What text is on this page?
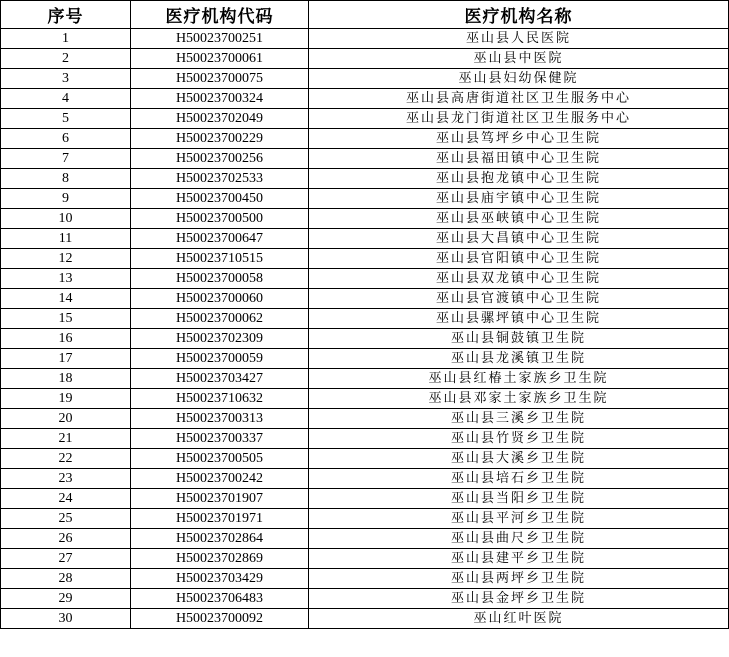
序号	医疗机构代码	医疗机构名称
1	H50023700251	巫山县人民医院
2	H50023700061	巫山县中医院
3	H50023700075	巫山县妇幼保健院
4	H50023700324	巫山县高唐街道社区卫生服务中心
5	H50023702049	巫山县龙门街道社区卫生服务中心
6	H50023700229	巫山县笃坪乡中心卫生院
7	H50023700256	巫山县福田镇中心卫生院
8	H50023702533	巫山县抱龙镇中心卫生院
9	H50023700450	巫山县庙宇镇中心卫生院
10	H50023700500	巫山县巫峡镇中心卫生院
11	H50023700647	巫山县大昌镇中心卫生院
12	H50023710515	巫山县官阳镇中心卫生院
13	H50023700058	巫山县双龙镇中心卫生院
14	H50023700060	巫山县官渡镇中心卫生院
15	H50023700062	巫山县骡坪镇中心卫生院
16	H50023702309	巫山县铜鼓镇卫生院
17	H50023700059	巫山县龙溪镇卫生院
18	H50023703427	巫山县红椿土家族乡卫生院
19	H50023710632	巫山县邓家土家族乡卫生院
20	H50023700313	巫山县三溪乡卫生院
21	H50023700337	巫山县竹贤乡卫生院
22	H50023700505	巫山县大溪乡卫生院
23	H50023700242	巫山县培石乡卫生院
24	H50023701907	巫山县当阳乡卫生院
25	H50023701971	巫山县平河乡卫生院
26	H50023702864	巫山县曲尺乡卫生院
27	H50023702869	巫山县建平乡卫生院
28	H50023703429	巫山县两坪乡卫生院
29	H50023706483	巫山县金坪乡卫生院
30	H50023700092	巫山红叶医院
